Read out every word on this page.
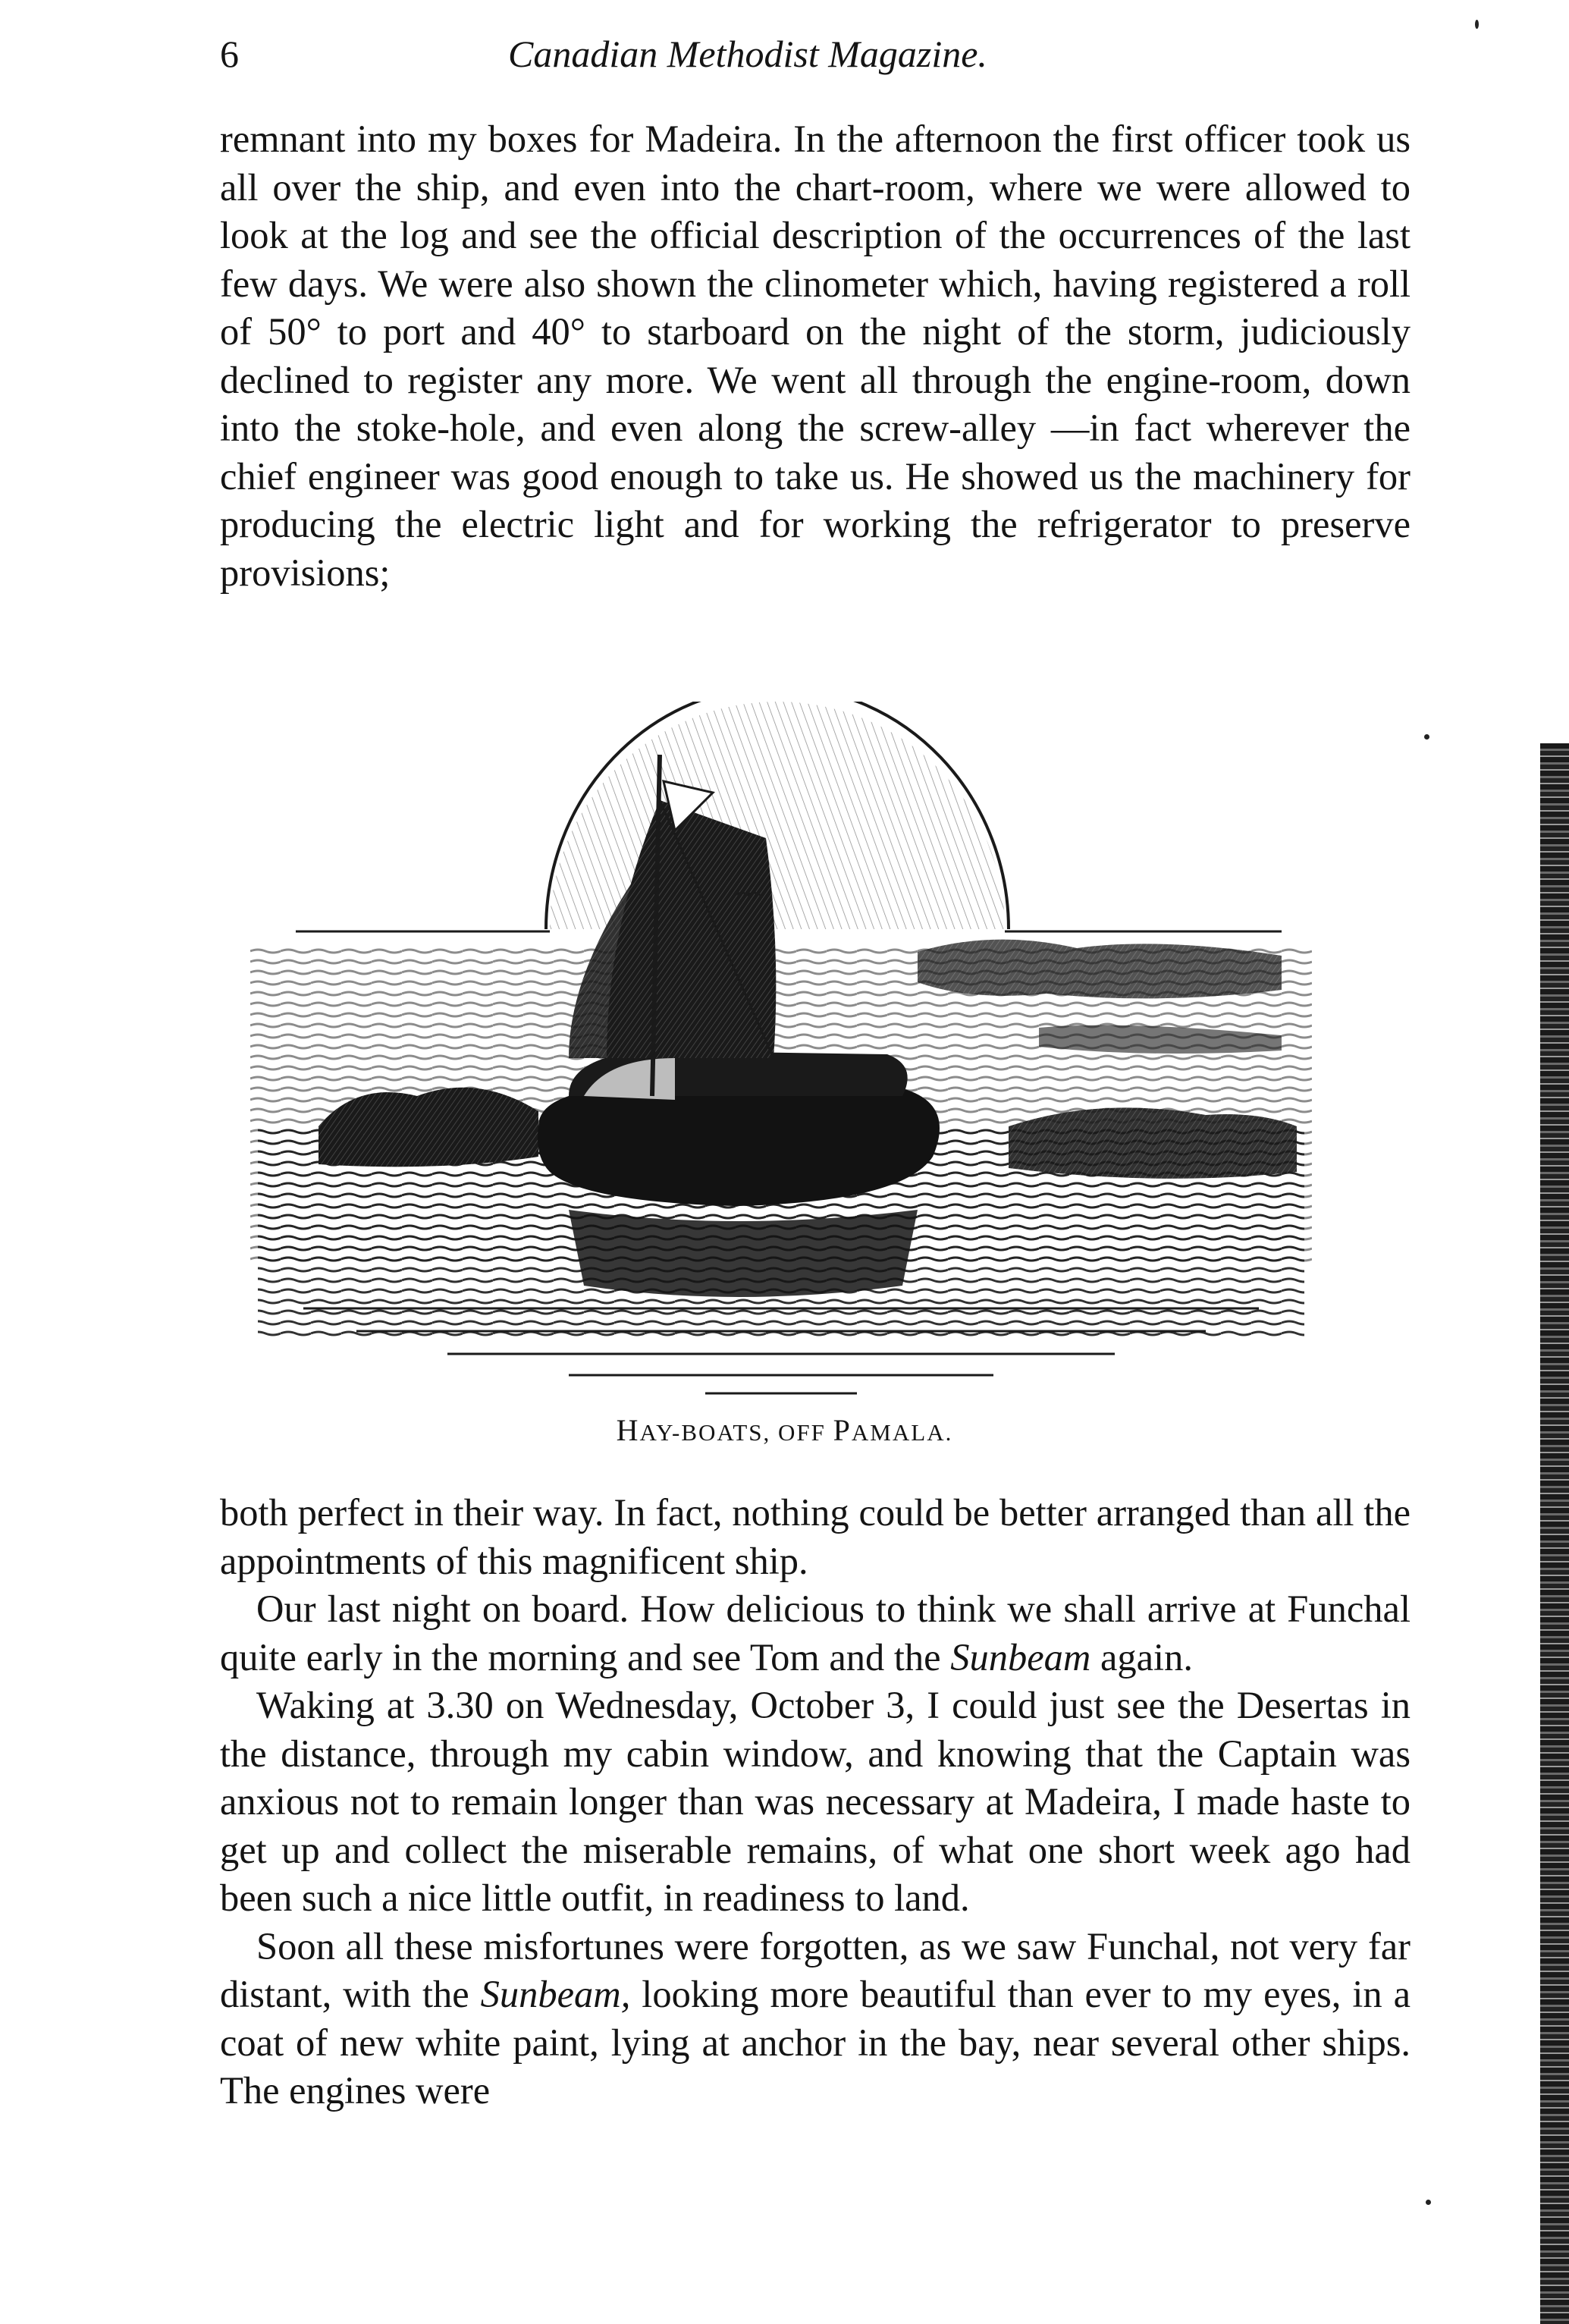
6	Canadian Methodist Magazine.

remnant into my boxes for Madeira. In the afternoon the first officer took us all over the ship, and even into the chart-room, where we were allowed to look at the log and see the official description of the occurrences of the last few days. We were also shown the clinometer which, having registered a roll of 50° to port and 40° to starboard on the night of the storm, judiciously declined to register any more. We went all through the engine-room, down into the stoke-hole, and even along the screw-alley —in fact wherever the chief engineer was good enough to take us. He showed us the machinery for producing the electric light and for working the refrigerator to preserve provisions;

HAY-BOATS, OFF PAMALA.

both perfect in their way. In fact, nothing could be better arranged than all the appointments of this magnificent ship.

Our last night on board. How delicious to think we shall arrive at Funchal quite early in the morning and see Tom and the Sunbeam again.

Waking at 3.30 on Wednesday, October 3, I could just see the Desertas in the distance, through my cabin window, and knowing that the Captain was anxious not to remain longer than was necessary at Madeira, I made haste to get up and collect the miserable remains, of what one short week ago had been such a nice little outfit, in readiness to land.

Soon all these misfortunes were forgotten, as we saw Funchal, not very far distant, with the Sunbeam, looking more beautiful than ever to my eyes, in a coat of new white paint, lying at anchor in the bay, near several other ships. The engines were
